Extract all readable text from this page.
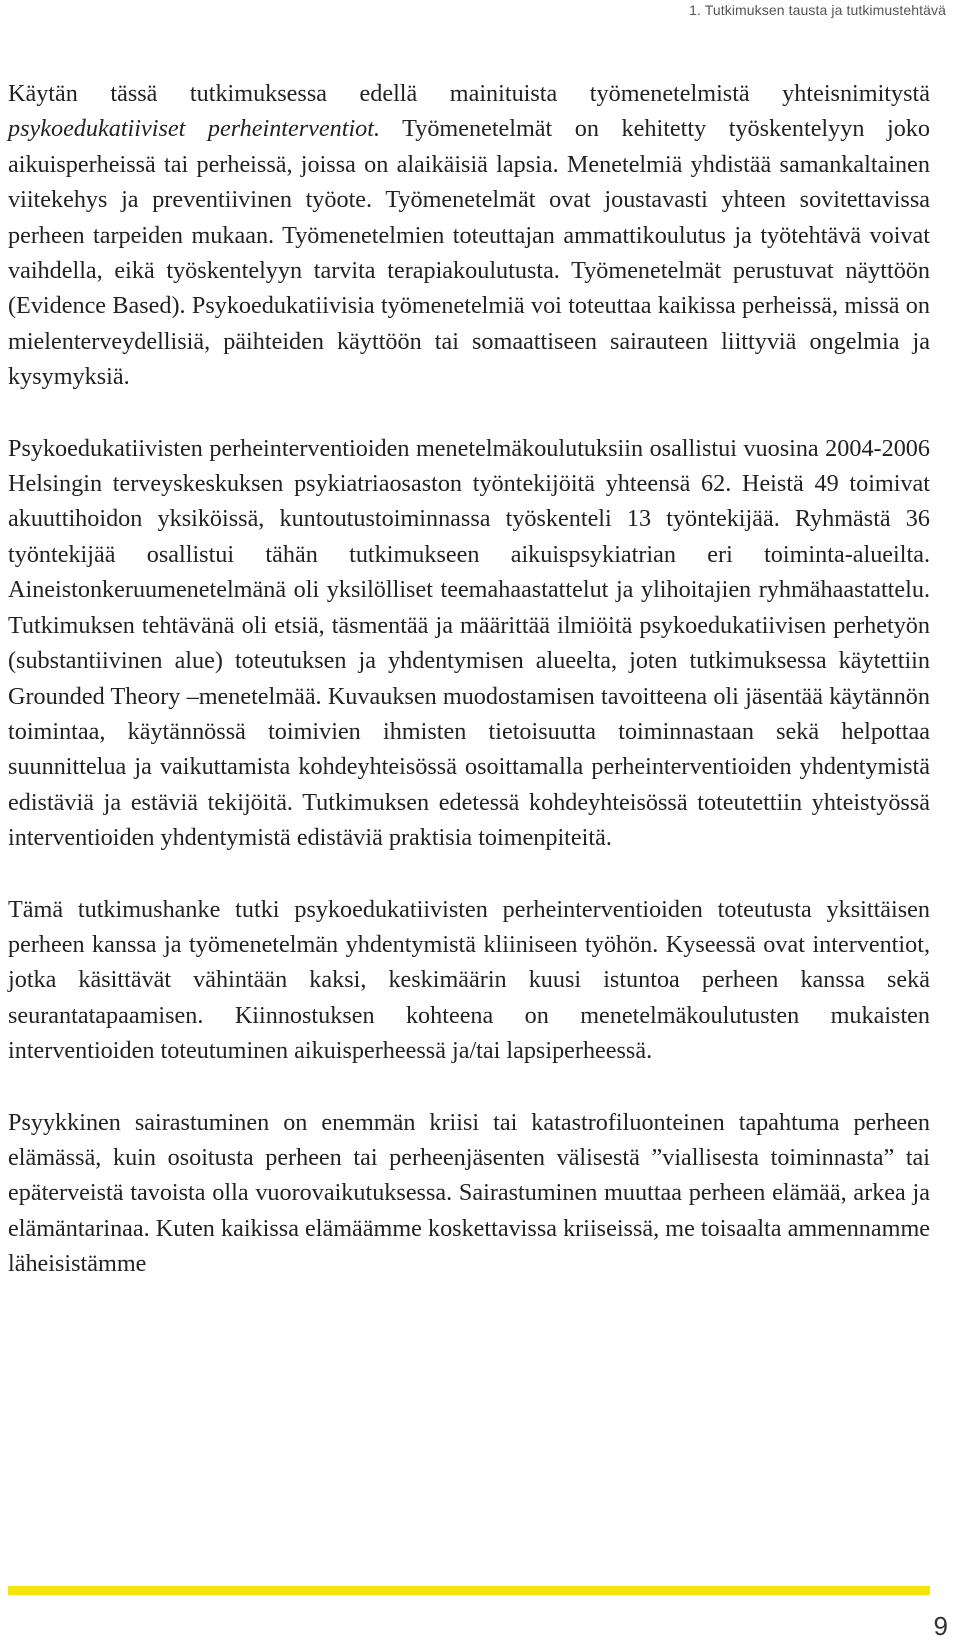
1. Tutkimuksen tausta ja tutkimustehtävä

Käytän tässä tutkimuksessa edellä mainituista työmenetelmistä yhteisnimitystä psykoedukatiiviset perheinterventiot. Työmenetelmät on kehitetty työskentelyyn joko aikuisperheissä tai perheissä, joissa on alaikäisiä lapsia. Menetelmiä yhdistää samankaltainen viitekehys ja preventiivinen työote. Työmenetelmät ovat joustavasti yhteen sovitettavissa perheen tarpeiden mukaan. Työmenetelmien toteuttajan ammattikoulutus ja työtehtävä voivat vaihdella, eikä työskentelyyn tarvita terapiakoulutusta. Työmenetelmät perustuvat näyttöön (Evidence Based). Psykoedukatiivisia työmenetelmiä voi toteuttaa kaikissa perheissä, missä on mielenterveydellisiä, päihteiden käyttöön tai somaattiseen sairauteen liittyviä ongelmia ja kysymyksiä.

Psykoedukatiivisten perheinterventioiden menetelmäkoulutuksiin osallistui vuosina 2004-2006 Helsingin terveyskeskuksen psykiatriaosaston työntekijöitä yhteensä 62. Heistä 49 toimivat akuuttihoidon yksiköissä, kuntoutustoiminnassa työskenteli 13 työntekijää. Ryhmästä 36 työntekijää osallistui tähän tutkimukseen aikuispsykiatrian eri toiminta-alueilta. Aineistonkeruumenetelmänä oli yksilölliset teemahaastattelut ja ylihoitajien ryhmähaastattelu. Tutkimuksen tehtävänä oli etsiä, täsmentää ja määrittää ilmiöitä psykoedukatiivisen perhetyön (substantiivinen alue) toteutuksen ja yhdentymisen alueelta, joten tutkimuksessa käytettiin Grounded Theory –menetelmää. Kuvauksen muodostamisen tavoitteena oli jäsentää käytännön toimintaa, käytännössä toimivien ihmisten tietoisuutta toiminnastaan sekä helpottaa suunnittelua ja vaikuttamista kohdeyhteisössä osoittamalla perheinterventioiden yhdentymistä edistäviä ja estäviä tekijöitä. Tutkimuksen edetessä kohdeyhteisössä toteutettiin yhteistyössä interventioiden yhdentymistä edistäviä praktisia toimenpiteitä.

Tämä tutkimushanke tutki psykoedukatiivisten perheinterventioiden toteutusta yksittäisen perheen kanssa ja työmenetelmän yhdentymistä kliiniseen työhön. Kyseessä ovat interventiot, jotka käsittävät vähintään kaksi, keskimäärin kuusi istuntoa perheen kanssa sekä seurantatapaamisen. Kiinnostuksen kohteena on menetelmäkoulutusten mukaisten interventioiden toteutuminen aikuisperheessä ja/tai lapsiperheessä.

Psyykkinen sairastuminen on enemmän kriisi tai katastrofiluonteinen tapahtuma perheen elämässä, kuin osoitusta perheen tai perheenjäsenten välisestä ”viallisesta toiminnasta” tai epäterveistä tavoista olla vuorovaikutuksessa. Sairastuminen muuttaa perheen elämää, arkea ja elämäntarinaa. Kuten kaikissa elämäämme koskettavissa kriiseissä, me toisaalta ammennamme läheisistämme

9
